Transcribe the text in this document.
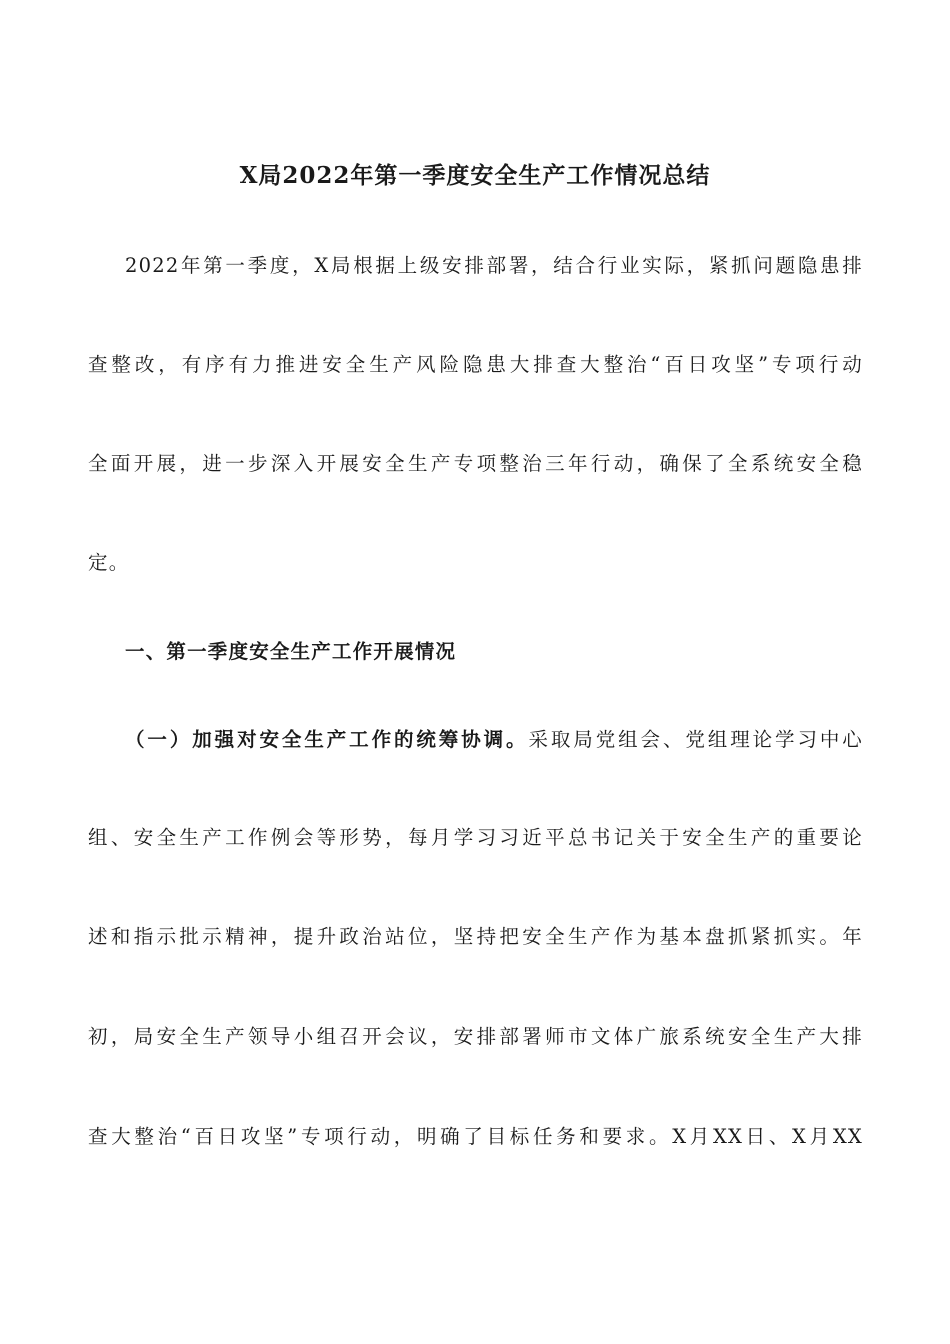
X局2022年第一季度安全生产工作情况总结
2022年第一季度，X局根据上级安排部署，结合行业实际，紧抓问题隐患排
查整改，有序有力推进安全生产风险隐患大排查大整治“百日攻坚”专项行动
全面开展，进一步深入开展安全生产专项整治三年行动，确保了全系统安全稳
定。
一、第一季度安全生产工作开展情况
（一）加强对安全生产工作的统筹协调。采取局党组会、党组理论学习中心
组、安全生产工作例会等形势，每月学习习近平总书记关于安全生产的重要论
述和指示批示精神，提升政治站位，坚持把安全生产作为基本盘抓紧抓实。年
初，局安全生产领导小组召开会议，安排部署师市文体广旅系统安全生产大排
查大整治“百日攻坚”专项行动，明确了目标任务和要求。X月XX日、X月XX
